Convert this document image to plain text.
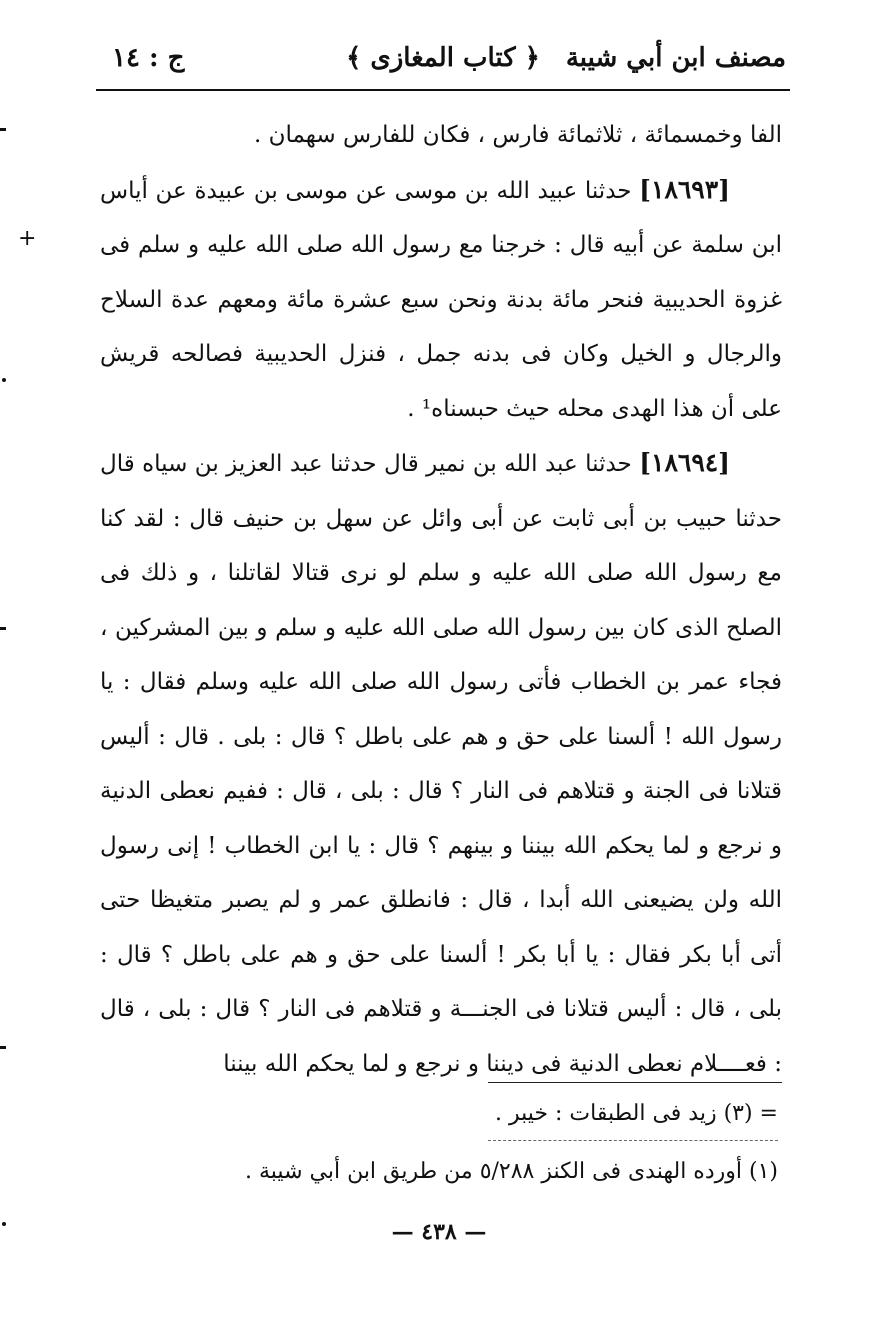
مصنف ابن أبي شيبة
﴿ كتاب المغازى ﴾
ج : ١٤

الفا وخمسمائة ، ثلاثمائة فارس ، فكان للفارس سهمان .

[١٨٦٩٣] حدثنا عبيد الله بن موسى عن موسى بن عبيدة عن أياس ابن سلمة عن أبيه قال : خرجنا مع رسول الله صلى الله عليه و سلم فى غزوة الحديبية فنحر مائة بدنة ونحن سبع عشرة مائة ومعهم عدة السلاح والرجال و الخيل وكان فى بدنه جمل ، فنزل الحديبية فصالحه قريش على أن هذا الهدى محله حيث حبسناه¹ .

[١٨٦٩٤] حدثنا عبد الله بن نمير قال حدثنا عبد العزيز بن سياه قال حدثنا حبيب بن أبى ثابت عن أبى وائل عن سهل بن حنيف قال : لقد كنا مع رسول الله صلى الله عليه و سلم لو نرى قتالا لقاتلنا ، و ذلك فى الصلح الذى كان بين رسول الله صلى الله عليه و سلم و بين المشركين ، فجاء عمر بن الخطاب فأتى رسول الله صلى الله عليه وسلم فقال : يا رسول الله ! ألسنا على حق و هم على باطل ؟ قال : بلى . قال : أليس قتلانا فى الجنة و قتلاهم فى النار ؟ قال : بلى ، قال : ففيم نعطى الدنية و نرجع و لما يحكم الله بيننا و بينهم ؟ قال : يا ابن الخطاب ! إنى رسول الله ولن يضيعنى الله أبدا ، قال : فانطلق عمر و لم يصبر متغيظا حتى أتى أبا بكر فقال : يا أبا بكر ! ألسنا على حق و هم على باطل ؟ قال : بلى ، قال : أليس قتلانا فى الجنـــة و قتلاهم فى النار ؟ قال : بلى ، قال : فعــــلام نعطى الدنية فى ديننا و نرجع و لما يحكم الله بيننا

= (٣) زيد فى الطبقات : خيبر .
(١) أورده الهندى فى الكنز ٥/٢٨٨ من طريق ابن أبي شيبة .
— ٤٣٨ —
+
